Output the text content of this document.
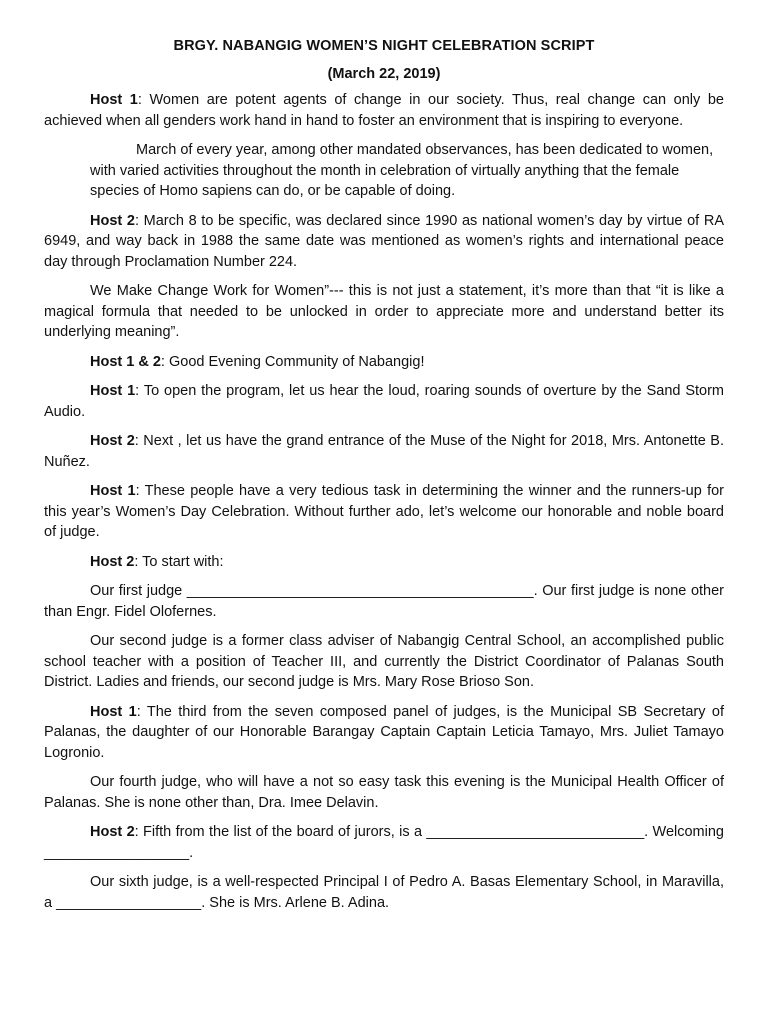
BRGY. NABANGIG WOMEN’S NIGHT CELEBRATION SCRIPT
(March 22, 2019)

Host 1: Women are potent agents of change in our society. Thus, real change can only be achieved when all genders work hand in hand to foster an environment that is inspiring to everyone.

March of every year, among other mandated observances, has been dedicated to women, with varied activities throughout the month in celebration of virtually anything that the female species of Homo sapiens can do, or be capable of doing.

Host 2: March 8 to be specific, was declared since 1990 as national women’s day by virtue of RA 6949, and way back in 1988 the same date was mentioned as women’s rights and international peace day through Proclamation Number 224.

We Make Change Work for Women”--- this is not just a statement, it’s more than that “it is like a magical formula that needed to be unlocked in order to appreciate more and understand better its underlying meaning”.

Host 1 & 2: Good Evening Community of Nabangig!

Host 1: To open the program, let us hear the loud, roaring sounds of overture by the Sand Storm Audio.

Host 2: Next , let us have the grand entrance of the Muse of the Night for 2018, Mrs. Antonette B. Nuñez.

Host 1: These people have a very tedious task in determining the winner and the runners-up for this year’s Women’s Day Celebration. Without further ado, let’s welcome our honorable and noble board of judge.

Host 2: To start with:

Our first judge ___________________________________________. Our first judge is none other than Engr. Fidel Olofernes.

Our second judge is a former class adviser of Nabangig Central School, an accomplished public school teacher with a position of Teacher III, and currently the District Coordinator of Palanas South District. Ladies and friends, our second judge is Mrs. Mary Rose Brioso Son.

Host 1: The third from the seven composed panel of judges, is the Municipal SB Secretary of Palanas, the daughter of our Honorable Barangay Captain Captain Leticia Tamayo, Mrs. Juliet Tamayo Logronio.

Our fourth judge, who will have a not so easy task this evening is the Municipal Health Officer of Palanas. She is none other than, Dra. Imee Delavin.

Host 2: Fifth from the list of the board of jurors, is a ___________________________. Welcoming __________________.

Our sixth judge, is a well-respected Principal I of Pedro A. Basas Elementary School, in Maravilla, a __________________. She is Mrs. Arlene B. Adina.
